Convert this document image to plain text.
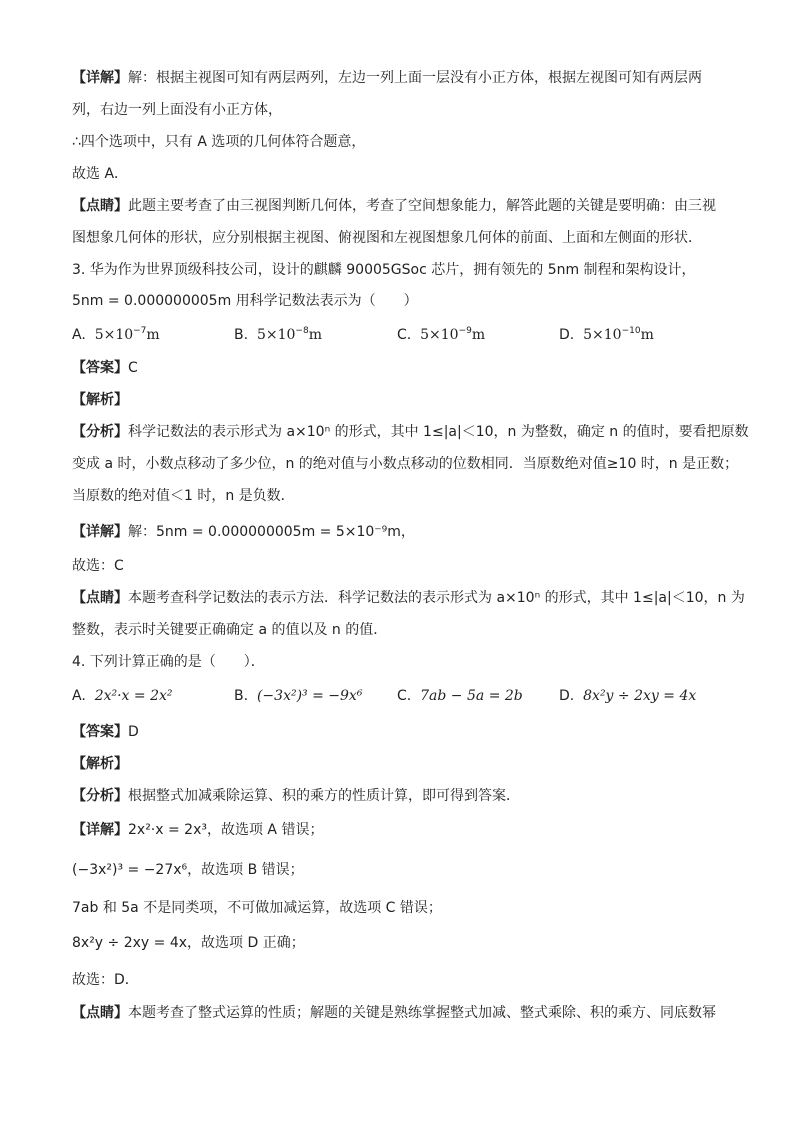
【详解】解：根据主视图可知有两层两列，左边一列上面一层没有小正方体，根据左视图可知有两层两
列，右边一列上面没有小正方体，
∴四个选项中，只有 A 选项的几何体符合题意，
故选 A．
【点睛】此题主要考查了由三视图判断几何体，考查了空间想象能力，解答此题的关键是要明确：由三视
图想象几何体的形状，应分别根据主视图、俯视图和左视图想象几何体的前面、上面和左侧面的形状．
3. 华为作为世界顶级科技公司，设计的麒麟 90005GSoc 芯片，拥有领先的 5nm 制程和架构设计，
5nm = 0.000000005m 用科学记数法表示为（　　）
A. $5\times 10^{-7}m$	B. $5\times 10^{-8}m$	C. $5\times 10^{-9}m$	D. $5\times 10^{-10}m$
【答案】C
【解析】
【分析】科学记数法的表示形式为 a×10ⁿ 的形式，其中 1≤|a|＜10，n 为整数，确定 n 的值时，要看把原数
变成 a 时，小数点移动了多少位，n 的绝对值与小数点移动的位数相同．当原数绝对值≥10 时，n 是正数；
当原数的绝对值＜1 时，n 是负数．
【详解】解：5nm = 0.000000005m = 5×10⁻⁹m，
故选：C
【点睛】本题考查科学记数法的表示方法．科学记数法的表示形式为 a×10ⁿ 的形式，其中 1≤|a|＜10，n 为
整数，表示时关键要正确确定 a 的值以及 n 的值．
4. 下列计算正确的是（　　）．
A. 2x²·x = 2x²	B. (−3x²)³ = −9x⁶ C. 7ab − 5a = 2b	D. 8x²y ÷ 2xy = 4x
【答案】D
【解析】
【分析】根据整式加减乘除运算、积的乘方的性质计算，即可得到答案．
【详解】2x²·x = 2x³，故选项 A 错误；
(−3x²)³ = −27x⁶，故选项 B 错误；
7ab 和 5a 不是同类项，不可做加减运算，故选项 C 错误；
8x²y ÷ 2xy = 4x，故选项 D 正确；
故选：D．
【点睛】本题考查了整式运算的性质；解题的关键是熟练掌握整式加减、整式乘除、积的乘方、同底数幂
